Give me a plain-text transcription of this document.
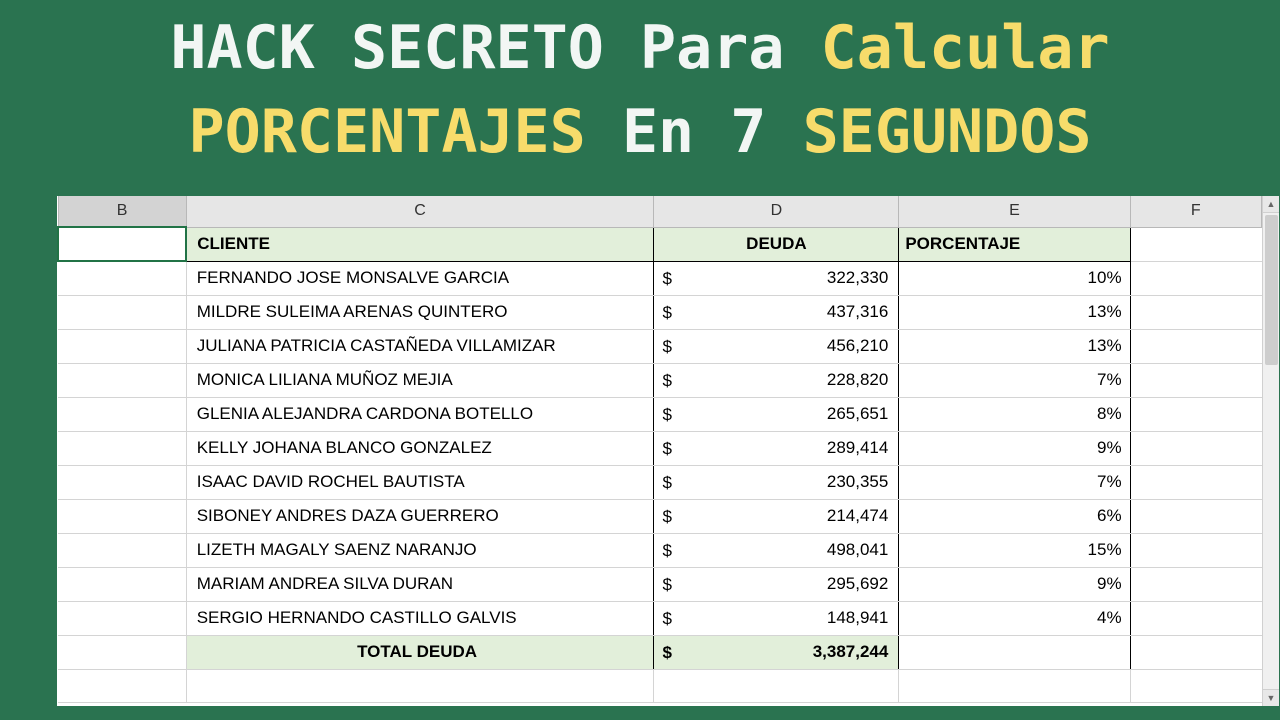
HACK SECRETO Para Calcular
PORCENTAJES En 7 SEGUNDOS
B	C	D	E	F
	CLIENTE	DEUDA	PORCENTAJE	
	FERNANDO JOSE MONSALVE GARCIA	$ 322,330	10%	
	MILDRE SULEIMA ARENAS QUINTERO	$ 437,316	13%	
	JULIANA PATRICIA CASTAÑEDA VILLAMIZAR	$ 456,210	13%	
	MONICA LILIANA MUÑOZ MEJIA	$ 228,820	7%	
	GLENIA ALEJANDRA CARDONA BOTELLO	$ 265,651	8%	
	KELLY JOHANA BLANCO GONZALEZ	$ 289,414	9%	
	ISAAC DAVID ROCHEL BAUTISTA	$ 230,355	7%	
	SIBONEY ANDRES DAZA GUERRERO	$ 214,474	6%	
	LIZETH MAGALY SAENZ NARANJO	$ 498,041	15%	
	MARIAM ANDREA SILVA DURAN	$ 295,692	9%	
	SERGIO HERNANDO CASTILLO GALVIS	$ 148,941	4%	
	TOTAL DEUDA	$ 3,387,244		

▲
▼
